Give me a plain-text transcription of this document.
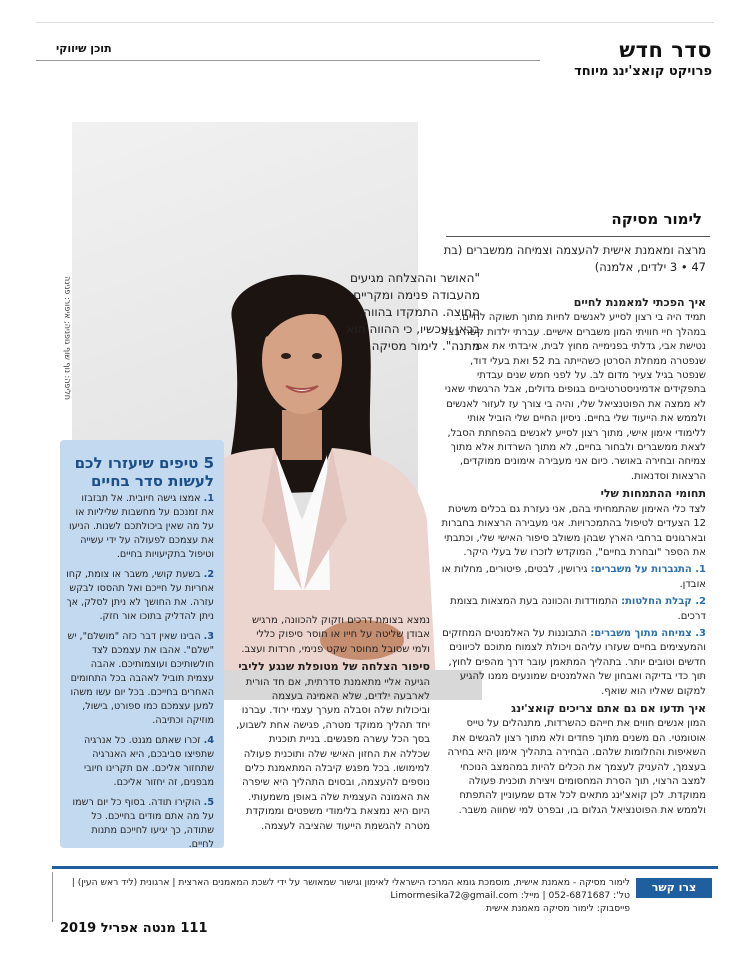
סדר חדש
פרויקט קואצ'ינג מיוחד
תוכן שיווקי
חליפה: נוף שוף גופניה; איפור: פנינה	"האושר וההצלחה מגיעים מהעבודה פנימה ומקריים החוצה. התמקדו בהווה, בכאן ועכשיו, כי ההווה הוא מתנה". לימור מסיקה
לימור מסיקה
מרצה ומאמנת אישית להעצמה וצמיחה ממשברים (בת 47 • 3 ילדים, אלמנה)
איך הפכתי למאמנת לחיים

תמיד היה בי רצון לסייע לאנשים לחיות מתוך תשוקה לחיים. במהלך חיי חוויתי המון משברים אישיים. עברתי ילדות קשה בצל נטישת אבי, גדלתי בפנימייה מחוץ לבית, איבדתי את אמי שנפטרה ממחלת הסרטן כשהייתה בת 52 ואת בעלי דוד, שנפטר בגיל צעיר מדום לב. על לפני חמש שנים עבדתי בתפקידים אדמיניסטרטיביים בגופים גדולים, אבל הרגשתי שאני לא ממצה את הפוטנציאל שלי, והיה בי צורך עז לעזור לאנשים ולממש את הייעוד שלי בחיים. ניסיון החיים שלי הוביל אותי ללימודי אימון אישי, מתוך רצון לסייע לאנשים בהפחתת הסבל, לצאת ממשברים ולבחור בחיים, לא מתוך השרדות אלא מתוך צמיחה ובחירה באושר. כיום אני מעבירה אימונים ממוקדים, הרצאות וסדנאות.

תחומי ההתמחות שלי

לצד כלי האימון שהתמחיתי בהם, אני נעזרת גם בכלים משיטת 12 הצעדים לטיפול בהתמכרויות. אני מעבירה הרצאות בחברות ובארגונים ברחבי הארץ שבהן משולב סיפור האישי שלי, וכתבתי את הספר "ובחרת בחיים", המוקדש לזכרו של בעלי היקר.

1. התגברות על משברים: גירושין, לבטים, פיטורים, מחלות או אובדן.

2. קבלת החלטות: התמודדות והכוונה בעת המצאות בצומת דרכים.

3. צמיחה מתוך משברים: התבוננות על האלמנטים המחזקים והמעצימים בחיים שעזרו עליהם ויכולת לצמוח מתוכם לכיוונים חדשים וטובים יותר. בתהליך המתאמן עובר דרך מהפים לחוץ, תוך כדי בדיקה ואבחון של האלמנטים שמונעים ממנו להגיע למקום שאליו הוא שואף.

איך תדעו אם גם אתם צריכים קואצ'ינג

המון אנשים חווים את חייהם כהשרדות, מתנהלים על טייס אוטומטי. הם משנים מתוך פחדים ולא מתוך רצון להגשים את השאיפות והחלומות שלהם. הבחירה בתהליך אימון היא בחירה בעצמך, להעניק לעצמך את הכלים להיות במהמצב הנוכחי למצב הרצוי, תוך הסרת המחסומים ויצירת תוכנית פעולה ממוקדת. לכן קואצ'ינג מתאים לכל אדם שמעוניין להתפתח ולממש את הפוטנציאל הגלום בו, ובפרט למי שחווה משבר.

נמצא בצומת דרכים וזקוק להכוונה, מרגיש אבודן שליטה על חייו או חוסר סיפוק כללי ולמי שסובל מחוסר שקט פנימי, חרדות ועצב.

סיפור הצלחה של מטופלת שנגע לליבי

הגיעה אליי מתאמנת סדרתית, אם חד הורית לארבעה ילדים, שלא האמינה בעצמה וביכולות שלה וסבלה מערך עצמי ירוד. עברנו יחד תהליך ממוקד מטרה, פגישה אחת לשבוע, בסך הכל עשרה מפגשים. בניית תוכנית שכללה את החזון האישי שלה ותוכנית פעולה למימושו. בכל מפגש קיבלה המתאמנת כלים נוספים להעצמה, ובסוים התהליך היא שיפרה את האמונה העצמית שלה באופן משמעותי. היום היא נמצאת בלימודי משפטים וממוקדת מטרה להגשמת הייעוד שהציבה לעצמה.

5 טיפים שיעזרו לכם לעשות סדר בחיים

1. אמצו גישה חיובית. אל תבזבזו את זמנכם על מחשבות שליליות או על מה שאין ביכולתכם לשנות. הניעו את עצמכם לפעולה על ידי עשייה וטיפול בתקיעויות בחיים.

2. בשעת קושי, משבר או צומת, קחו אחריות על חייכם ואל תהססו לבקש עזרה. את החושך לא ניתן לסלק, אך ניתן להדליק בתוכו אור חזק.

3. הבינו שאין דבר כזה "מושלם", יש "שלם". אהבו את עצמכם לצד חולשותיכם ועוצמותיכם. אהבה עצמית תוביל לאהבה בכל התחומים האחרים בחייכם. בכל יום עשו משהו למען עצמכם כמו ספורט, בישול, מוזיקה וכתיבה.

4. זכרו שאתם מגנט. כל אנרגיה שתפיצו סביבכם, היא האנרגיה שתחזור אליכם. אם תקרינו חיובי מבפנים, זה יחזור אליכם.

5. הוקירו תודה. בסוף כל יום רשמו על מה אתם מודים בחייכם. כל שתודה, כך יגיעו לחייכם מתנות לחיים.

צרו קשר
לימור מסיקה - מאמנת אישית, מוסמכת גומא המרכז הישראלי לאימון וגישור שמאושר על ידי לשכת המאמנים הארצית | ארגונית (ליד ראש העין) | טל': 052-6871687 | מייל: Limormesika72@gmail.com
פייסבוק: לימור מסיקה מאמנת אישית
111 מנטה אפריל 2019
